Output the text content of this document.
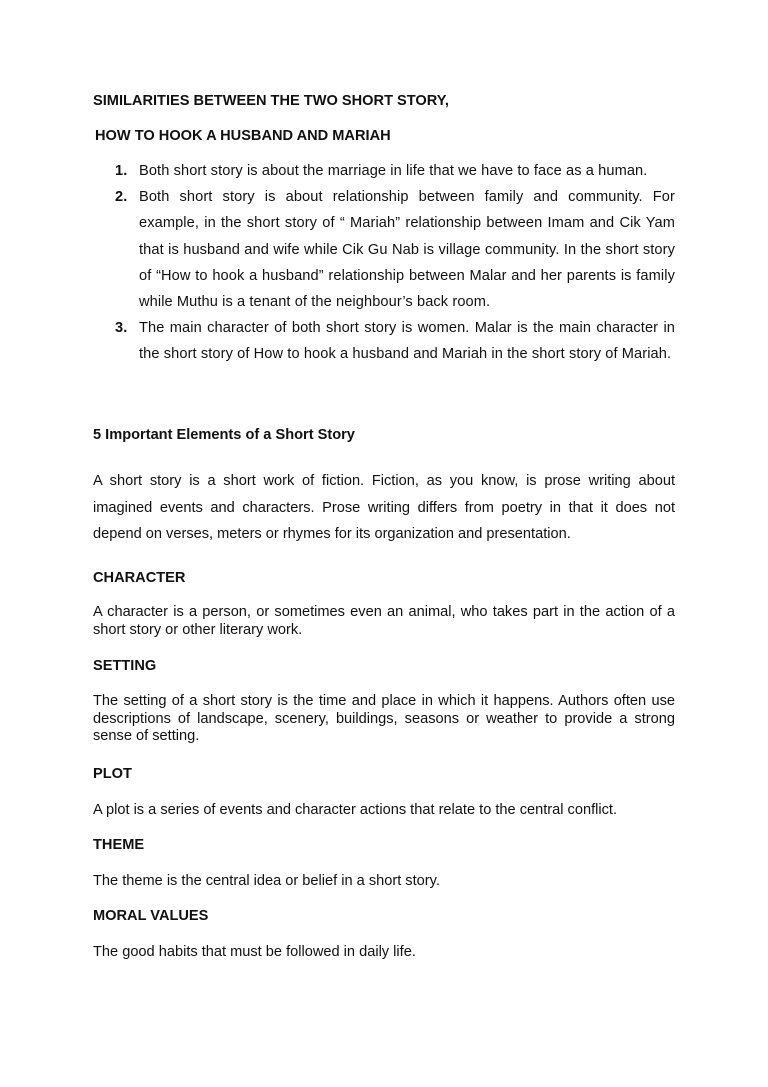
SIMILARITIES BETWEEN THE TWO SHORT STORY,
HOW TO HOOK A HUSBAND AND MARIAH
1. Both short story is about the marriage in life that we have to face as a human.
2. Both short story is about relationship between family and community. For example, in the short story of “ Mariah” relationship between Imam and Cik Yam that is husband and wife while Cik Gu Nab is village community. In the short story of “How to hook a husband” relationship between Malar and her parents is family while Muthu is a tenant of the neighbour’s back room.
3. The main character of both short story is women. Malar is the main character in the short story of How to hook a husband and Mariah in the short story of Mariah.
5 Important Elements of a Short Story
A short story is a short work of fiction. Fiction, as you know, is prose writing about imagined events and characters. Prose writing differs from poetry in that it does not depend on verses, meters or rhymes for its organization and presentation.
CHARACTER
A character is a person, or sometimes even an animal, who takes part in the action of a short story or other literary work.
SETTING
The setting of a short story is the time and place in which it happens. Authors often use descriptions of landscape, scenery, buildings, seasons or weather to provide a strong sense of setting.
PLOT
A plot is a series of events and character actions that relate to the central conflict.
THEME
The theme is the central idea or belief in a short story.
MORAL VALUES
The good habits that must be followed in daily life.
